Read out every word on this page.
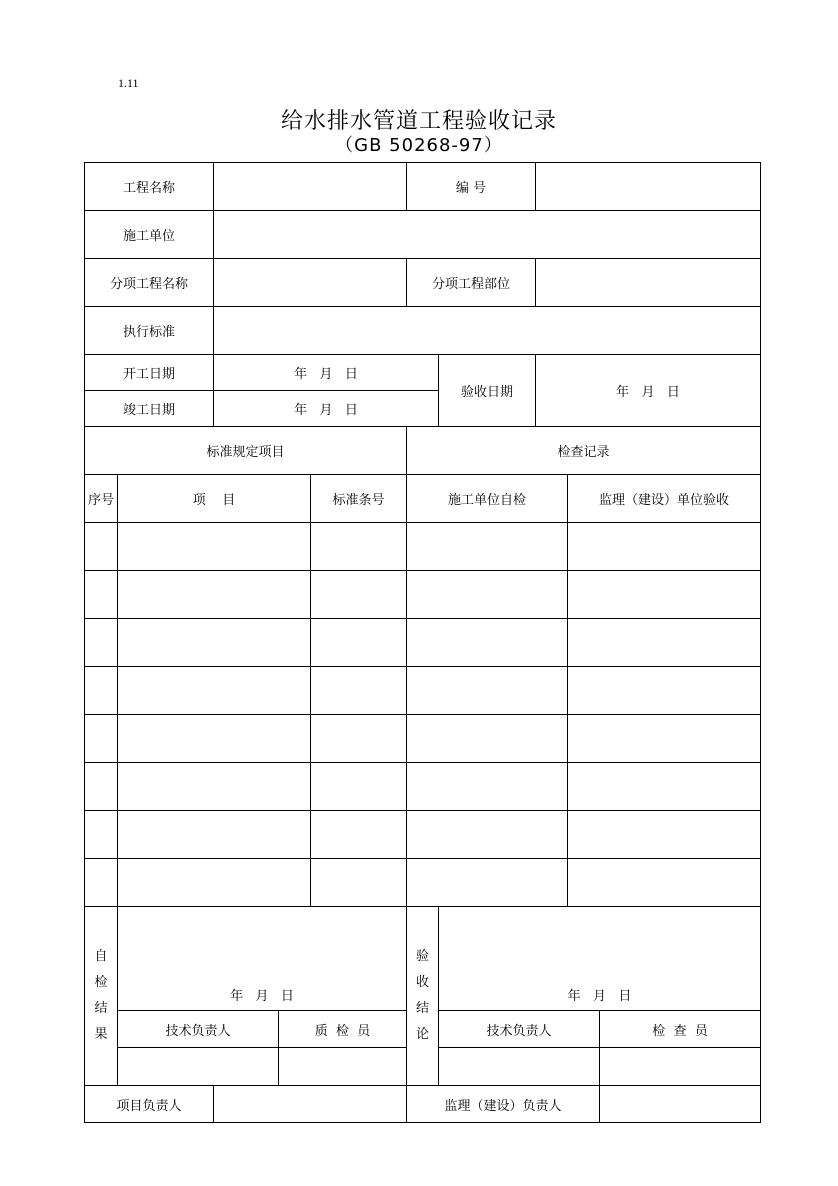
1.11
给水排水管道工程验收记录
（GB 50268-97）
工程名称	编 号
施工单位
分项工程名称	分项工程部位
执行标准
开工日期	年   月   日
竣工日期	年   月   日
验收日期	年   月   日
标准规定项目	检查记录
序号	项    目	标准条号	施工单位自检	监理（建设）单位验收
自
检
结
果
年   月   日
技术负责人	质  检  员
验
收
结
论
年   月   日
技术负责人	检  查  员
项目负责人	监理（建设）负责人
